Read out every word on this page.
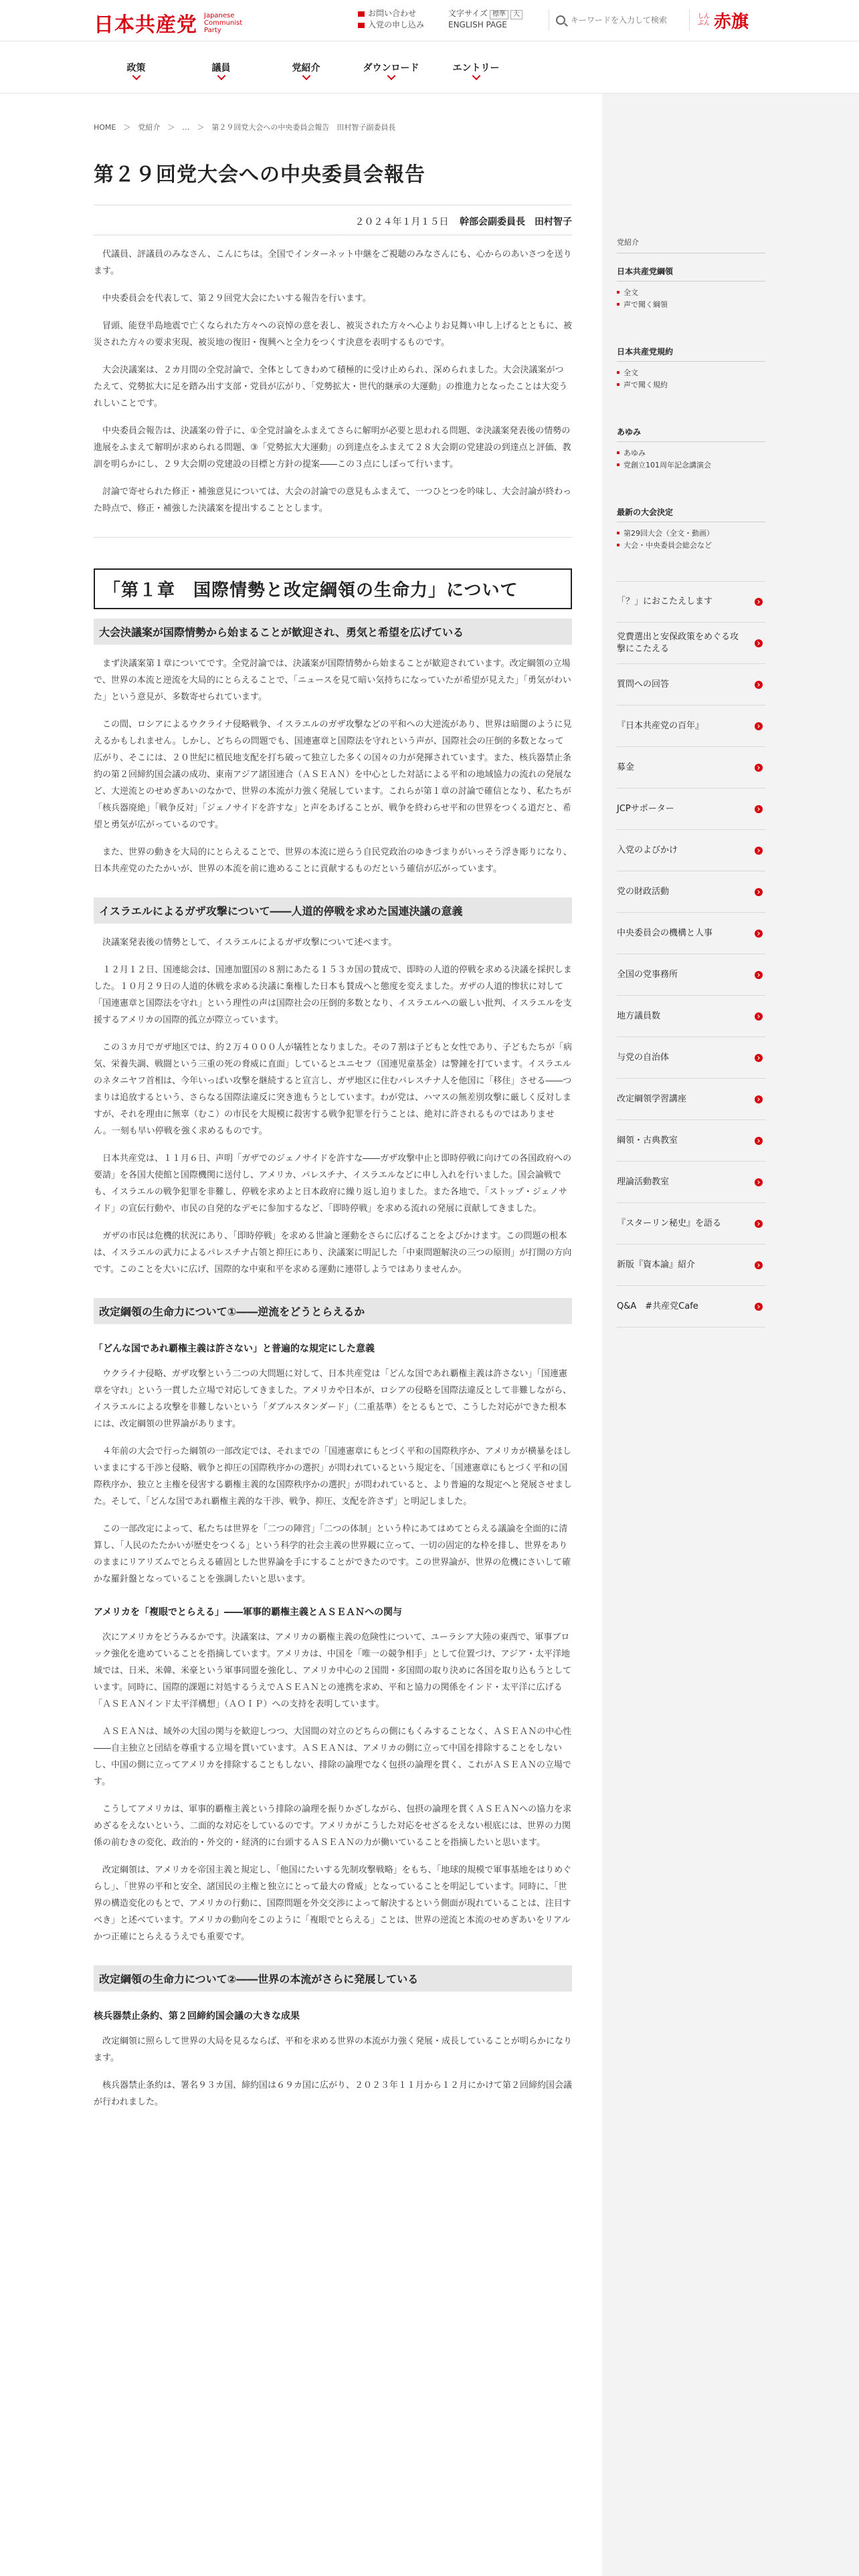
日本共産党 Japanese
Communist
Party
お問い合わせ
入党の申し込み
文字サイズ 標準 大
ENGLISH PAGE
キーワードを入力して検索
しんぶん 赤旗
政策	議員	党紹介	ダウンロード	エントリー
HOME　＞　党紹介　＞　…　＞　第２９回党大会への中央委員会報告　田村智子副委員長
第２９回党大会への中央委員会報告
２０２４年１月１５日 幹部会副委員長　田村智子

代議員、評議員のみなさん、こんにちは。全国でインターネット中継をご視聴のみなさんにも、心からのあいさつを送ります。

中央委員会を代表して、第２９回党大会にたいする報告を行います。

冒頭、能登半島地震で亡くなられた方々への哀悼の意を表し、被災された方々へ心よりお見舞い申し上げるとともに、被災された方々の要求実現、被災地の復旧・復興へと全力をつくす決意を表明するものです。

大会決議案は、２カ月間の全党討論で、全体としてきわめて積極的に受け止められ、深められました。大会決議案がつたえて、党勢拡大に足を踏み出す支部・党員が広がり、「党勢拡大・世代的継承の大運動」の推進力となったことは大変うれしいことです。

中央委員会報告は、決議案の骨子に、①全党討論をふまえてさらに解明が必要と思われる問題、②決議案発表後の情勢の進展をふまえて解明が求められる問題、③「党勢拡大大運動」の到達点をふまえて２８大会期の党建設の到達点と評価、教訓を明らかにし、２９大会期の党建設の目標と方針の提案――この３点にしぼって行います。

討論で寄せられた修正・補強意見については、大会の討論での意見もふまえて、一つひとつを吟味し、大会討論が終わった時点で、修正・補強した決議案を提出することとします。

「第１章　国際情勢と改定綱領の生命力」について
大会決議案が国際情勢から始まることが歓迎され、勇気と希望を広げている

まず決議案第１章についてです。全党討論では、決議案が国際情勢から始まることが歓迎されています。改定綱領の立場で、世界の本流と逆流を大局的にとらえることで、「ニュースを見て暗い気持ちになっていたが希望が見えた」「勇気がわいた」という意見が、多数寄せられています。

この間、ロシアによるウクライナ侵略戦争、イスラエルのガザ攻撃などの平和への大逆流があり、世界は暗闇のように見えるかもしれません。しかし、どちらの問題でも、国連憲章と国際法を守れという声が、国際社会の圧倒的多数となって広がり、そこには、２０世紀に植民地支配を打ち破って独立した多くの国々の力が発揮されています。また、核兵器禁止条約の第２回締約国会議の成功、東南アジア諸国連合（ＡＳＥＡＮ）を中心とした対話による平和の地域協力の流れの発展など、大逆流とのせめぎあいのなかで、世界の本流が力強く発展しています。これらが第１章の討論で確信となり、私たちが「核兵器廃絶」「戦争反対」「ジェノサイドを許すな」と声をあげることが、戦争を終わらせ平和の世界をつくる道だと、希望と勇気が広がっているのです。

また、世界の動きを大局的にとらえることで、世界の本流に逆らう自民党政治のゆきづまりがいっそう浮き彫りになり、日本共産党のたたかいが、世界の本流を前に進めることに貢献するものだという確信が広がっています。

イスラエルによるガザ攻撃について――人道的停戦を求めた国連決議の意義

決議案発表後の情勢として、イスラエルによるガザ攻撃について述べます。

１２月１２日、国連総会は、国連加盟国の８割にあたる１５３カ国の賛成で、即時の人道的停戦を求める決議を採択しました。１０月２９日の人道的休戦を求める決議に棄権した日本も賛成へと態度を変えました。ガザの人道的惨状に対して「国連憲章と国際法を守れ」という理性の声は国際社会の圧倒的多数となり、イスラエルへの厳しい批判、イスラエルを支援するアメリカの国際的孤立が際立っています。

この３カ月でガザ地区では、約２万４０００人が犠牲となりました。その７割は子どもと女性であり、子どもたちが「病気、栄養失調、戦闘という三重の死の脅威に直面」しているとユニセフ（国連児童基金）は警鐘を打ています。イスラエルのネタニヤフ首相は、今年いっぱい攻撃を継続すると宣言し、ガザ地区に住むパレスチナ人を他国に「移住」させる――つまりは追放するという、さらなる国際法違反に突き進もうとしています。わが党は、ハマスの無差別攻撃に厳しく反対しますが、それを理由に無辜（むこ）の市民を大規模に殺害する戦争犯罪を行うことは、絶対に許されるものではありません。一刻も早い停戦を強く求めるものです。

日本共産党は、１１月６日、声明「ガザでのジェノサイドを許すな――ガザ攻撃中止と即時停戦に向けての各国政府への要請」を各国大使館と国際機関に送付し、アメリカ、パレスチナ、イスラエルなどに申し入れを行いました。国会論戦でも、イスラエルの戦争犯罪を非難し、停戦を求めよと日本政府に繰り返し迫りました。また各地で、「ストップ・ジェノサイド」の宣伝行動や、市民の自発的なデモに参加するなど、「即時停戦」を求める流れの発展に貢献してきました。

ガザの市民は危機的状況にあり、「即時停戦」を求める世論と運動をさらに広げることをよびかけます。この問題の根本は、イスラエルの武力によるパレスチナ占領と抑圧にあり、決議案に明記した「中東問題解決の三つの原則」が打開の方向です。このことを大いに広げ、国際的な中東和平を求める運動に連帯しようではありませんか。

改定綱領の生命力について①――逆流をどうとらえるか
「どんな国であれ覇権主義は許さない」と普遍的な規定にした意義

ウクライナ侵略、ガザ攻撃という二つの大問題に対して、日本共産党は「どんな国であれ覇権主義は許さない」「国連憲章を守れ」という一貫した立場で対応してきました。アメリカや日本が、ロシアの侵略を国際法違反として非難しながら、イスラエルによる攻撃を非難しないという「ダブルスタンダード」（二重基準）をとるもとで、こうした対応ができた根本には、改定綱領の世界論があります。

４年前の大会で行った綱領の一部改定では、それまでの「国連憲章にもとづく平和の国際秩序か、アメリカが横暴をほしいままにする干渉と侵略、戦争と抑圧の国際秩序かの選択」が問われているという規定を、「国連憲章にもとづく平和の国際秩序か、独立と主権を侵害する覇権主義的な国際秩序かの選択」が問われていると、より普遍的な規定へと発展させました。そして、「どんな国であれ覇権主義的な干渉、戦争、抑圧、支配を許さず」と明記しました。

この一部改定によって、私たちは世界を「二つの陣営」「二つの体制」という枠にあてはめてとらえる議論を全面的に清算し、「人民のたたかいが歴史をつくる」という科学的社会主義の世界観に立って、一切の固定的な枠を排し、世界をありのままにリアリズムでとらえる確固とした世界論を手にすることができたのです。この世界論が、世界の危機にさいして確かな羅針盤となっていることを強調したいと思います。

アメリカを「複眼でとらえる」――軍事的覇権主義とＡＳＥＡＮへの関与

次にアメリカをどうみるかです。決議案は、アメリカの覇権主義の危険性について、ユーラシア大陸の東西で、軍事ブロック強化を進めていることを指摘しています。アメリカは、中国を「唯一の競争相手」として位置づけ、アジア・太平洋地域では、日米、米韓、米豪という軍事同盟を強化し、アメリカ中心の２国間・多国間の取り決めに各国を取り込もうとしています。同時に、国際的課題に対処するうえでＡＳＥＡＮとの連携を求め、平和と協力の関係をインド・太平洋に広げる「ＡＳＥＡＮインド太平洋構想」（ＡＯＩＰ）への支持を表明しています。

ＡＳＥＡＮは、域外の大国の関与を歓迎しつつ、大国間の対立のどちらの側にもくみすることなく、ＡＳＥＡＮの中心性――自主独立と団結を尊重する立場を貫いています。ＡＳＥＡＮは、アメリカの側に立って中国を排除することをしないし、中国の側に立ってアメリカを排除することもしない、排除の論理でなく包摂の論理を貫く、これがＡＳＥＡＮの立場です。

こうしてアメリカは、軍事的覇権主義という排除の論理を振りかざしながら、包摂の論理を貫くＡＳＥＡＮへの協力を求めざるをえないという、二面的な対応をしているのです。アメリカがこうした対応をせざるをえない根底には、世界の力関係の前むきの変化、政治的・外交的・経済的に台頭するＡＳＥＡＮの力が働いていることを指摘したいと思います。

改定綱領は、アメリカを帝国主義と規定し、「他国にたいする先制攻撃戦略」をもち、「地球的規模で軍事基地をはりめぐらし」、「世界の平和と安全、諸国民の主権と独立にとって最大の脅威」となっていることを明記しています。同時に、「世界の構造変化のもとで、アメリカの行動に、国際問題を外交交渉によって解決するという側面が現れていることは、注目すべき」と述べています。アメリカの動向をこのように「複眼でとらえる」ことは、世界の逆流と本流のせめぎあいをリアルかつ正確にとらえるうえでも重要です。

改定綱領の生命力について②――世界の本流がさらに発展している
核兵器禁止条約、第２回締約国会議の大きな成果

改定綱領に照らして世界の大局を見るならば、平和を求める世界の本流が力強く発展・成長していることが明らかになります。

核兵器禁止条約は、署名９３カ国、締約国は６９カ国に広がり、２０２３年１１月から１２月にかけて第２回締約国会議が行われました。

党紹介
日本共産党綱領
全文
声で聞く綱領
日本共産党規約
全文
声で聞く規約
あゆみ
あゆみ
党創立101周年記念講演会
最新の大会決定
第29回大会（全文・動画）
大会・中央委員会総会など
「？」におこたえします
党費選出と安保政策をめぐる攻撃にこたえる
質問への回答
『日本共産党の百年』
募金
JCPサポーター
入党のよびかけ
党の財政活動
中央委員会の機構と人事
全国の党事務所
地方議員数
与党の自治体
改定綱領学習講座
綱領・古典教室
理論活動教室
『スターリン秘史』を語る
新版『資本論』紹介
Q&A　#共産党Cafe
